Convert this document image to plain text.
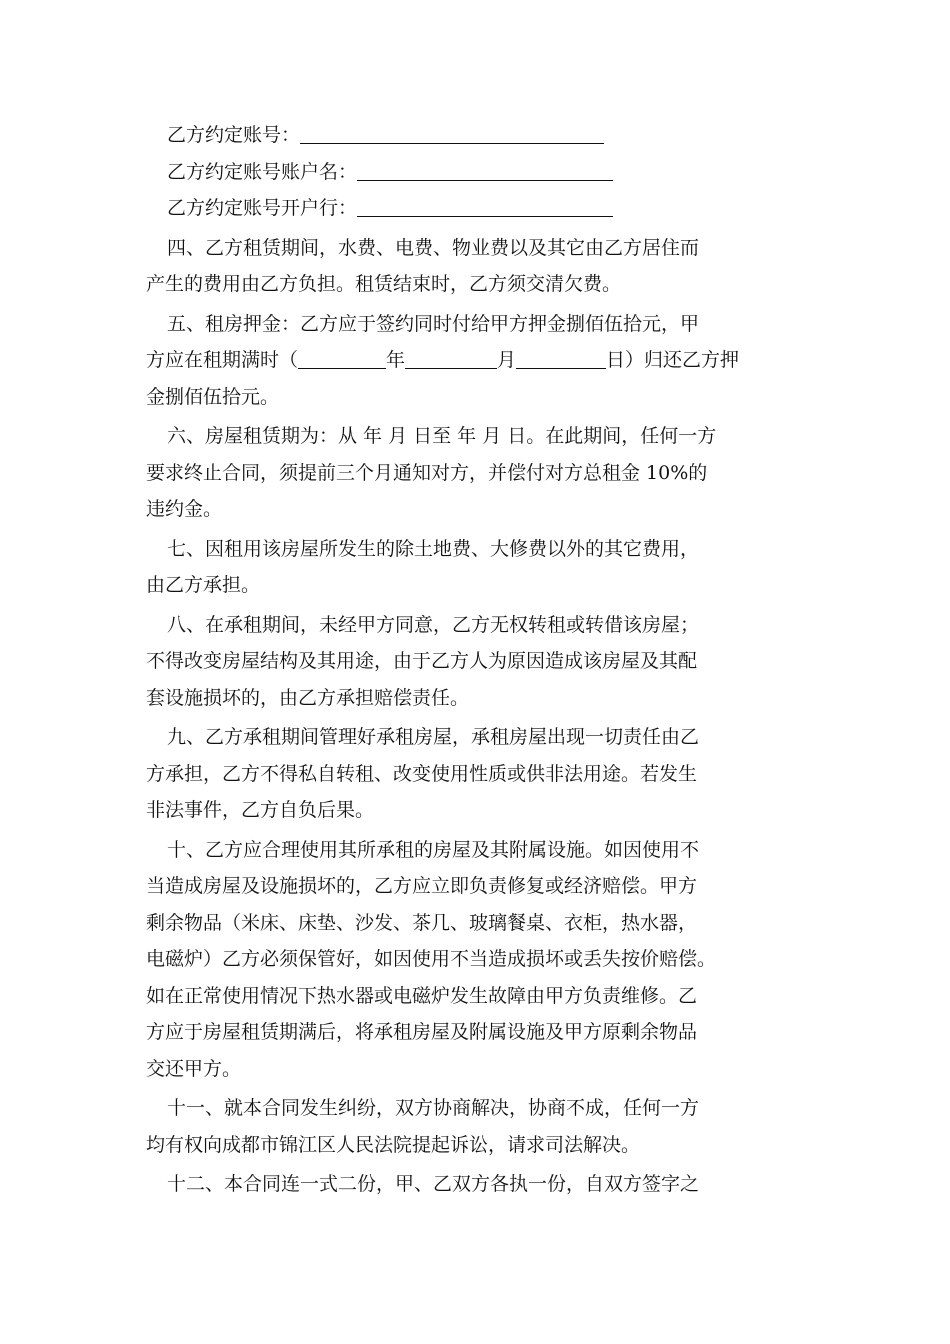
乙方约定账号：
乙方约定账号账户名：
乙方约定账号开户行：
四、乙方租赁期间，水费、电费、物业费以及其它由乙方居住而
产生的费用由乙方负担。租赁结束时，乙方须交清欠费。
五、租房押金：乙方应于签约同时付给甲方押金捌佰伍拾元，甲
方应在租期满时（	年	月	日）归还乙方押
金捌佰伍拾元。
六、房屋租赁期为：从 年 月 日至 年 月 日。在此期间，任何一方
要求终止合同，须提前三个月通知对方，并偿付对方总租金 10%的
违约金。
七、因租用该房屋所发生的除土地费、大修费以外的其它费用，
由乙方承担。
八、在承租期间，未经甲方同意，乙方无权转租或转借该房屋；
不得改变房屋结构及其用途，由于乙方人为原因造成该房屋及其配
套设施损坏的，由乙方承担赔偿责任。
九、乙方承租期间管理好承租房屋，承租房屋出现一切责任由乙
方承担，乙方不得私自转租、改变使用性质或供非法用途。若发生
非法事件，乙方自负后果。
十、乙方应合理使用其所承租的房屋及其附属设施。如因使用不
当造成房屋及设施损坏的，乙方应立即负责修复或经济赔偿。甲方
剩余物品（米床、床垫、沙发、茶几、玻璃餐桌、衣柜，热水器，
电磁炉）乙方必须保管好，如因使用不当造成损坏或丢失按价赔偿。
如在正常使用情况下热水器或电磁炉发生故障由甲方负责维修。乙
方应于房屋租赁期满后，将承租房屋及附属设施及甲方原剩余物品
交还甲方。
十一、就本合同发生纠纷，双方协商解决，协商不成，任何一方
均有权向成都市锦江区人民法院提起诉讼，请求司法解决。
十二、本合同连一式二份，甲、乙双方各执一份，自双方签字之
